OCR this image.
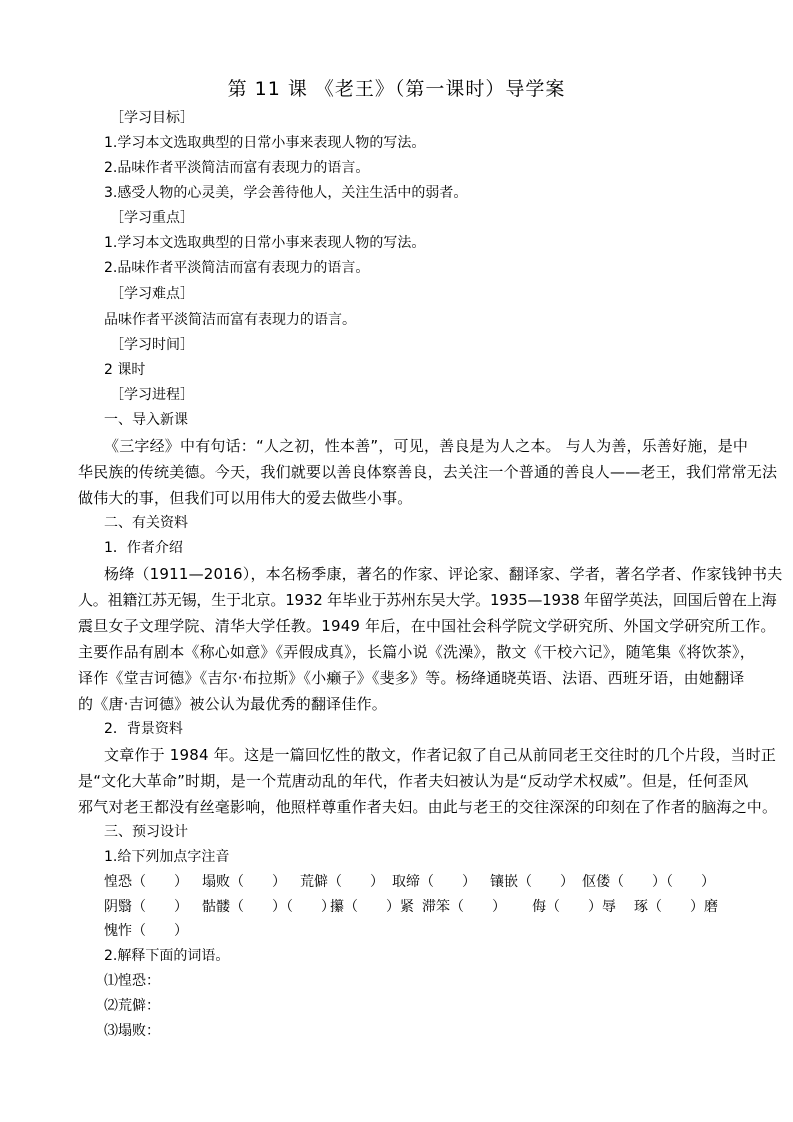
第 11 课 《老王》（第一课时）导学案
［学习目标］
1.学习本文选取典型的日常小事来表现人物的写法。
2.品味作者平淡简洁而富有表现力的语言。
3.感受人物的心灵美，学会善待他人，关注生活中的弱者。
［学习重点］
1.学习本文选取典型的日常小事来表现人物的写法。
2.品味作者平淡简洁而富有表现力的语言。
［学习难点］
品味作者平淡简洁而富有表现力的语言。
［学习时间］
2 课时
［学习进程］
一、导入新课
《三字经》中有句话：“人之初，性本善”，可见，善良是为人之本。 与人为善，乐善好施，是中
华民族的传统美德。今天，我们就要以善良体察善良，去关注一个普通的善良人——老王，我们常常无法
做伟大的事，但我们可以用伟大的爱去做些小事。
二、有关资料
1．作者介绍
杨绛（1911—2016），本名杨季康，著名的作家、评论家、翻译家、学者，著名学者、作家钱钟书夫
人。祖籍江苏无锡，生于北京。1932 年毕业于苏州东吴大学。1935—1938 年留学英法，回国后曾在上海
震旦女子文理学院、清华大学任教。1949 年后，在中国社会科学院文学研究所、外国文学研究所工作。
主要作品有剧本《称心如意》《弄假成真》，长篇小说《洗澡》，散文《干校六记》，随笔集《将饮茶》，
译作《堂吉诃德》《吉尔·布拉斯》《小癞子》《斐多》等。杨绛通晓英语、法语、西班牙语，由她翻译
的《唐·吉诃德》被公认为最优秀的翻译佳作。
2．背景资料
文章作于 1984 年。这是一篇回忆性的散文，作者记叙了自己从前同老王交往时的几个片段，当时正
是“文化大革命”时期，是一个荒唐动乱的年代，作者夫妇被认为是“反动学术权威”。但是，任何歪风
邪气对老王都没有丝毫影响，他照样尊重作者夫妇。由此与老王的交往深深的印刻在了作者的脑海之中。
三、预习设计
1.给下列加点字注音
惶恐（　　） 塌败（　　） 荒僻（　　） 取缔（　　） 镶嵌（　　） 伛偻（　　）（　　）
阴翳（　　） 骷髅（　　）（　　）
攥（　　）紧 滞笨（　　） 侮（　　）辱 琢（　　）磨
愧怍（　　）
2.解释下面的词语。
⑴惶恐：
⑵荒僻：
⑶塌败：
